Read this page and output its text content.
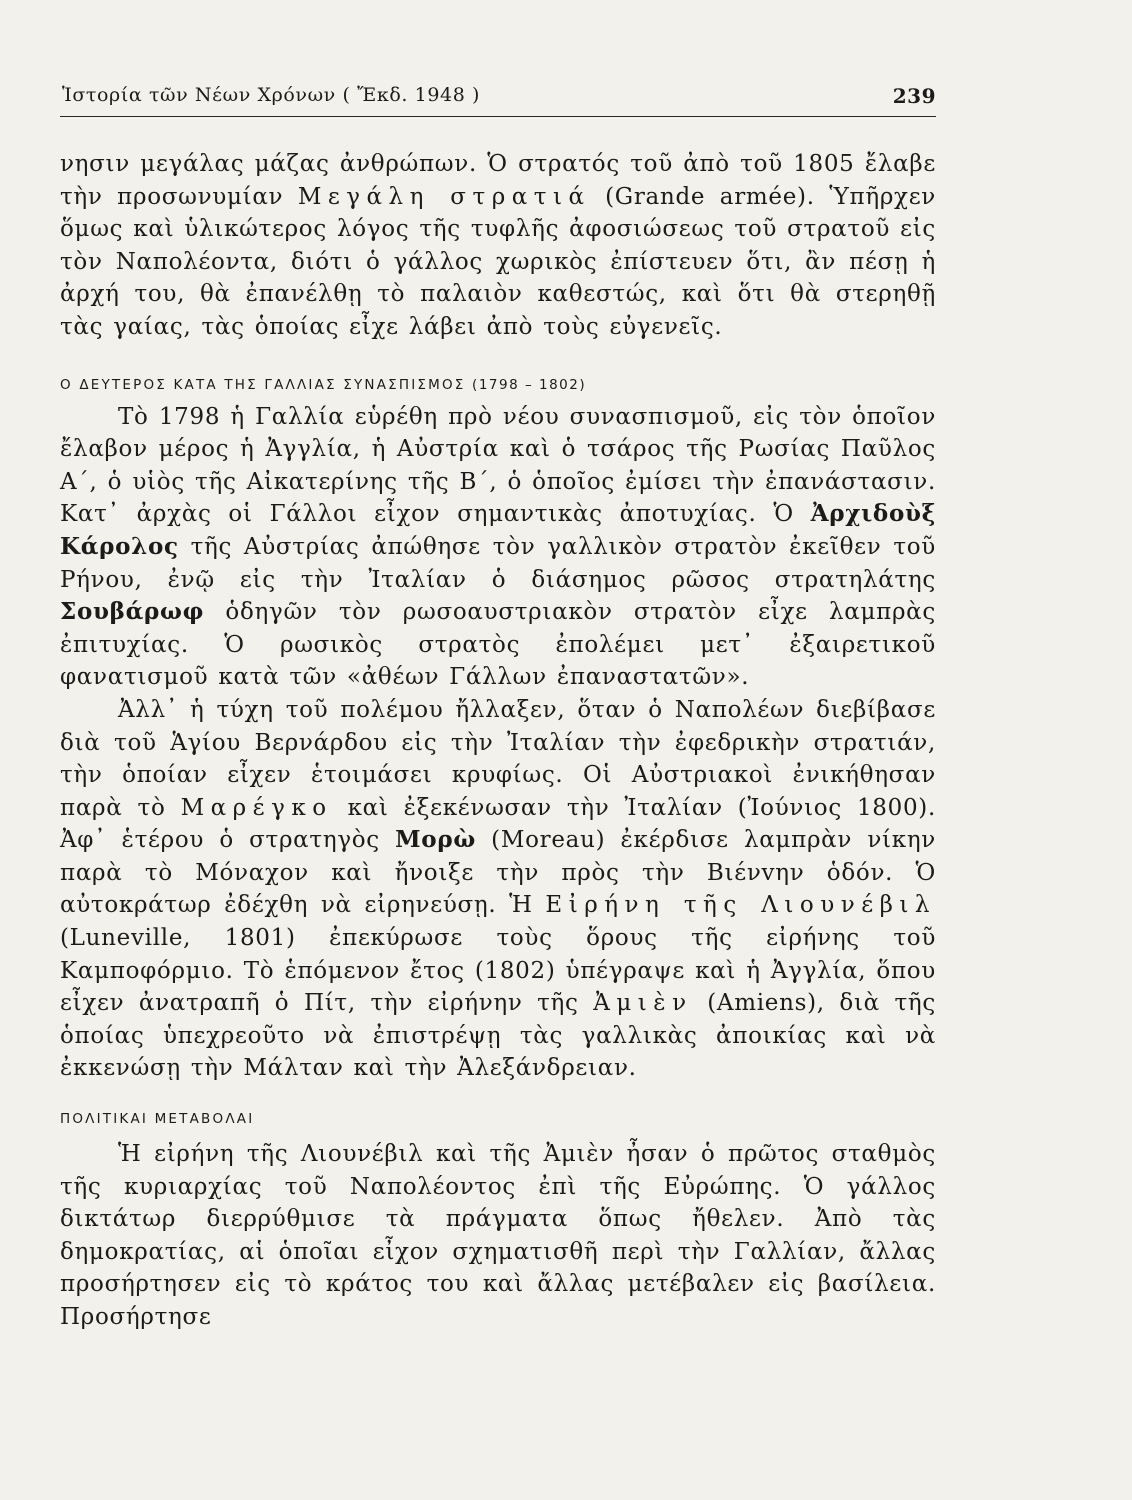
Ἱστορία τῶν Νέων Χρόνων ( Ἔκδ. 1948 )	239

νησιν μεγάλας μάζας ἀνθρώπων. Ὁ στρατός τοῦ ἀπὸ τοῦ 1805 ἔλαβε τὴν προσωνυμίαν Μεγάλη στρατιά (Grande armée). Ὑπῆρχεν ὅμως καὶ ὑλικώτερος λόγος τῆς τυφλῆς ἀφοσιώσεως τοῦ στρατοῦ εἰς τὸν Ναπολέοντα, διότι ὁ γάλλος χωρικὸς ἐπίστευεν ὅτι, ἂν πέσῃ ἡ ἀρχή του, θὰ ἐπανέλθῃ τὸ παλαιὸν καθεστώς, καὶ ὅτι θὰ στερηθῇ τὰς γαίας, τὰς ὁποίας εἶχε λάβει ἀπὸ τοὺς εὐγενεῖς.

Ο ΔΕΥΤΕΡΟΣ ΚΑΤΑ ΤΗΣ ΓΑΛΛΙΑΣ ΣΥΝΑΣΠΙΣΜΟΣ (1798 – 1802)

Τὸ 1798 ἡ Γαλλία εὑρέθη πρὸ νέου συνασπισμοῦ, εἰς τὸν ὁποῖον ἔλαβον μέρος ἡ Ἀγγλία, ἡ Αὐστρία καὶ ὁ τσάρος τῆς Ρωσίας Παῦλος Α΄, ὁ υἱὸς τῆς Αἰκατερίνης τῆς Β΄, ὁ ὁποῖος ἐμίσει τὴν ἐπανάστασιν. Κατ᾽ ἀρχὰς οἱ Γάλλοι εἶχον σημαντικὰς ἀποτυχίας. Ὁ Ἀρχιδοὺξ Κάρολος τῆς Αὐστρίας ἀπώθησε τὸν γαλλικὸν στρατὸν ἐκεῖθεν τοῦ Ρήνου, ἐνῷ εἰς τὴν Ἰταλίαν ὁ διάσημος ρῶσος στρατηλάτης Σουβάρωφ ὁδηγῶν τὸν ρωσοαυστριακὸν στρατὸν εἶχε λαμπρὰς ἐπιτυχίας. Ὁ ρωσικὸς στρατὸς ἐπολέμει μετ᾽ ἐξαιρετικοῦ φανατισμοῦ κατὰ τῶν «ἀθέων Γάλλων ἐπαναστατῶν».

Ἀλλ᾽ ἡ τύχη τοῦ πολέμου ἤλλαξεν, ὅταν ὁ Ναπολέων διεβίβασε διὰ τοῦ Ἁγίου Βερνάρδου εἰς τὴν Ἰταλίαν τὴν ἐφεδρικὴν στρατιάν, τὴν ὁποίαν εἶχεν ἑτοιμάσει κρυφίως. Οἱ Αὐστριακοὶ ἐνικήθησαν παρὰ τὸ Μαρέγκο καὶ ἐξεκένωσαν τὴν Ἰταλίαν (Ἰούνιος 1800). Ἀφ᾽ ἑτέρου ὁ στρατηγὸς Μορὼ (Moreau) ἐκέρδισε λαμπρὰν νίκην παρὰ τὸ Μόναχον καὶ ἤνοιξε τὴν πρὸς τὴν Βιένvην ὁδόν. Ὁ αὐτοκράτωρ ἐδέχθη νὰ εἰρηνεύσῃ. Ἡ Εἰρήνη τῆς Λιουνέβιλ (Luneville, 1801) ἐπεκύρωσε τοὺς ὅρους τῆς εἰρήνης τοῦ Καμποφόρμιο. Τὸ ἑπόμενον ἔτος (1802) ὑπέγραψε καὶ ἡ Ἀγγλία, ὅπου εἶχεν ἀνατραπῆ ὁ Πίτ, τὴν εἰρήνην τῆς Ἀμιὲν (Amiens), διὰ τῆς ὁποίας ὑπεχρεοῦτο νὰ ἐπιστρέψῃ τὰς γαλλικὰς ἀποικίας καὶ νὰ ἐκκενώσῃ τὴν Μάλταν καὶ τὴν Ἀλεξάνδρειαν.

ΠΟΛΙΤΙΚΑΙ ΜΕΤΑΒΟΛΑΙ

Ἡ εἰρήνη τῆς Λιουνέβιλ καὶ τῆς Ἀμιὲν ἦσαν ὁ πρῶτος σταθμὸς τῆς κυριαρχίας τοῦ Ναπολέοντος ἐπὶ τῆς Εὐρώπης. Ὁ γάλλος δικτάτωρ διερρύθμισε τὰ πράγματα ὅπως ἤθελεν. Ἀπὸ τὰς δημοκρατίας, αἱ ὁποῖαι εἶχον σχηματισθῆ περὶ τὴν Γαλλίαν, ἄλλας προσήρτησεν εἰς τὸ κράτος του καὶ ἄλλας μετέβαλεν εἰς βασίλεια. Προσήρτησε
